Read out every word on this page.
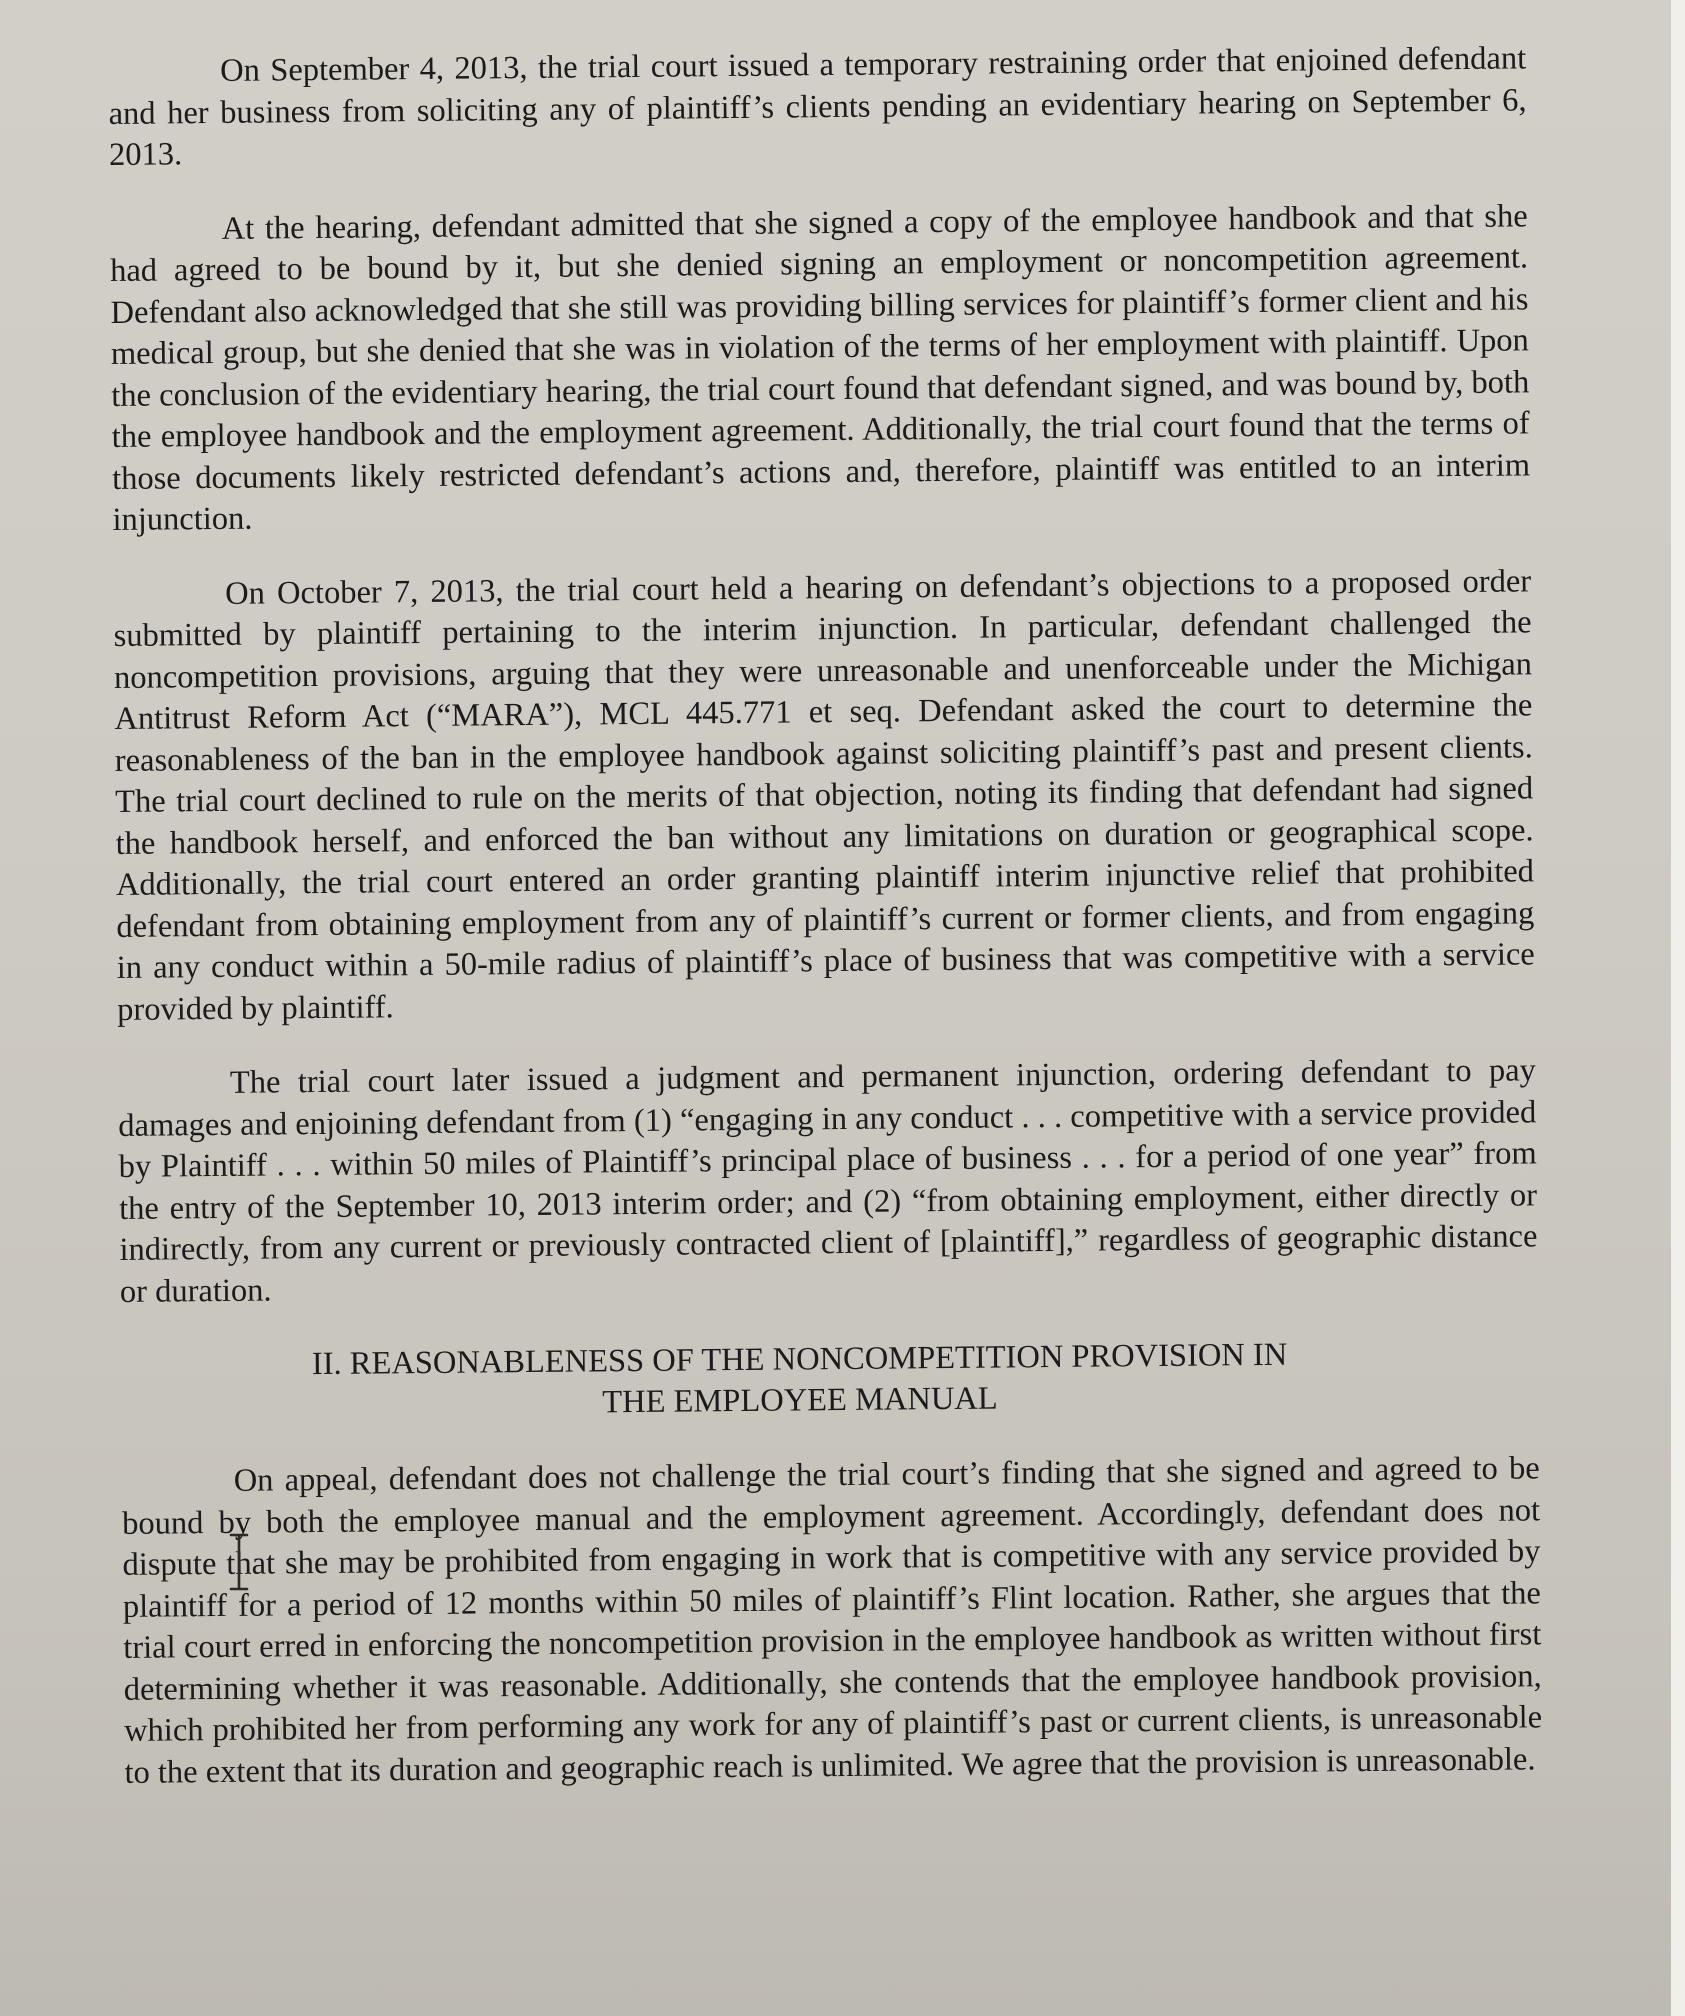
On September 4, 2013, the trial court issued a temporary restraining order that enjoined defendant and her business from soliciting any of plaintiff’s clients pending an evidentiary hearing on September 6, 2013.

At the hearing, defendant admitted that she signed a copy of the employee handbook and that she had agreed to be bound by it, but she denied signing an employment or noncompetition agreement. Defendant also acknowledged that she still was providing billing services for plaintiff’s former client and his medical group, but she denied that she was in violation of the terms of her employment with plaintiff. Upon the conclusion of the evidentiary hearing, the trial court found that defendant signed, and was bound by, both the employee handbook and the employment agreement. Additionally, the trial court found that the terms of those documents likely restricted defendant’s actions and, therefore, plaintiff was entitled to an interim injunction.

On October 7, 2013, the trial court held a hearing on defendant’s objections to a proposed order submitted by plaintiff pertaining to the interim injunction. In particular, defendant challenged the noncompetition provisions, arguing that they were unreasonable and unenforceable under the Michigan Antitrust Reform Act (“MARA”), MCL 445.771 et seq. Defendant asked the court to determine the reasonableness of the ban in the employee handbook against soliciting plaintiff’s past and present clients. The trial court declined to rule on the merits of that objection, noting its finding that defendant had signed the handbook herself, and enforced the ban without any limitations on duration or geographical scope. Additionally, the trial court entered an order granting plaintiff interim injunctive relief that prohibited defendant from obtaining employment from any of plaintiff’s current or former clients, and from engaging in any conduct within a 50-mile radius of plaintiff’s place of business that was competitive with a service provided by plaintiff.

The trial court later issued a judgment and permanent injunction, ordering defendant to pay damages and enjoining defendant from (1) “engaging in any conduct . . . competitive with a service provided by Plaintiff . . . within 50 miles of Plaintiff’s principal place of business . . . for a period of one year” from the entry of the September 10, 2013 interim order; and (2) “from obtaining employment, either directly or indirectly, from any current or previously contracted client of [plaintiff],” regardless of geographic distance or duration.

II. REASONABLENESS OF THE NONCOMPETITION PROVISION IN
THE EMPLOYEE MANUAL

On appeal, defendant does not challenge the trial court’s finding that she signed and agreed to be bound by both the employee manual and the employment agreement. Accordingly, defendant does not dispute that she may be prohibited from engaging in work that is competitive with any service provided by plaintiff for a period of 12 months within 50 miles of plaintiff’s Flint location. Rather, she argues that the trial court erred in enforcing the noncompetition provision in the employee handbook as written without first determining whether it was reasonable. Additionally, she contends that the employee handbook provision, which prohibited her from performing any work for any of plaintiff’s past or current clients, is unreasonable to the extent that its duration and geographic reach is unlimited. We agree that the provision is unreasonable.
